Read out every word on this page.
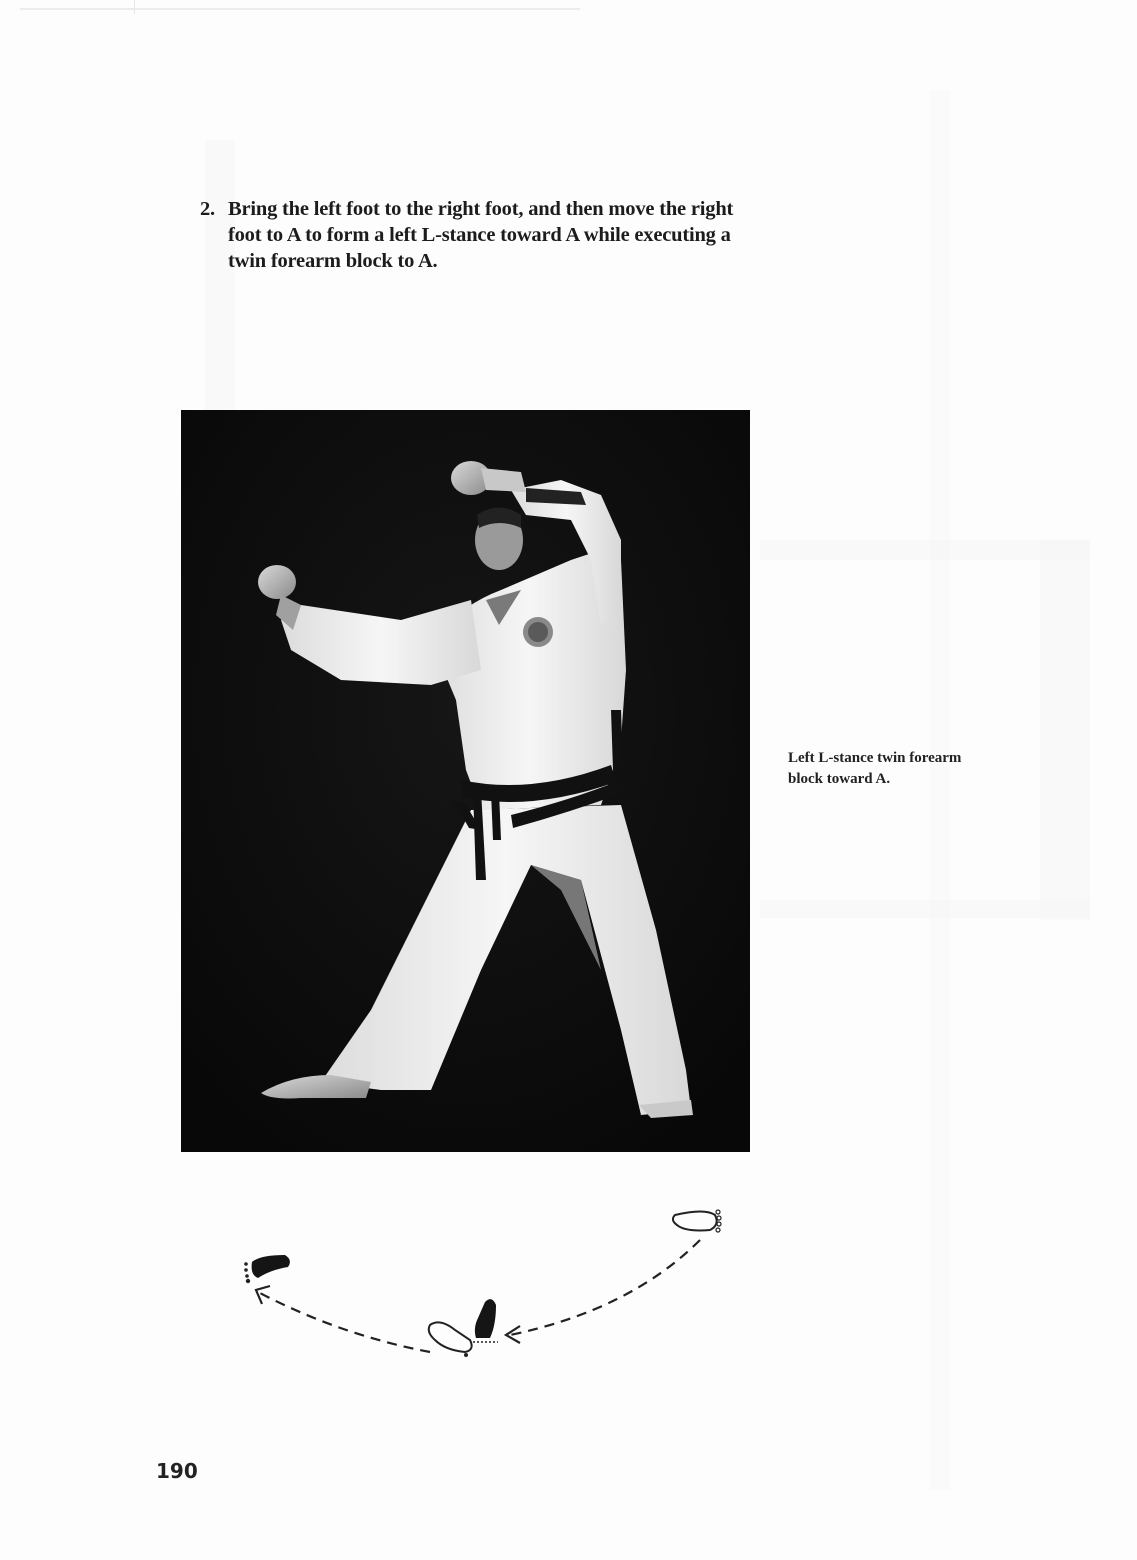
2. Bring the left foot to the right foot, and then move the right
foot to A to form a left L-stance toward A while executing a
twin forearm block to A.
Left L-stance twin forearm
block toward A.
190
